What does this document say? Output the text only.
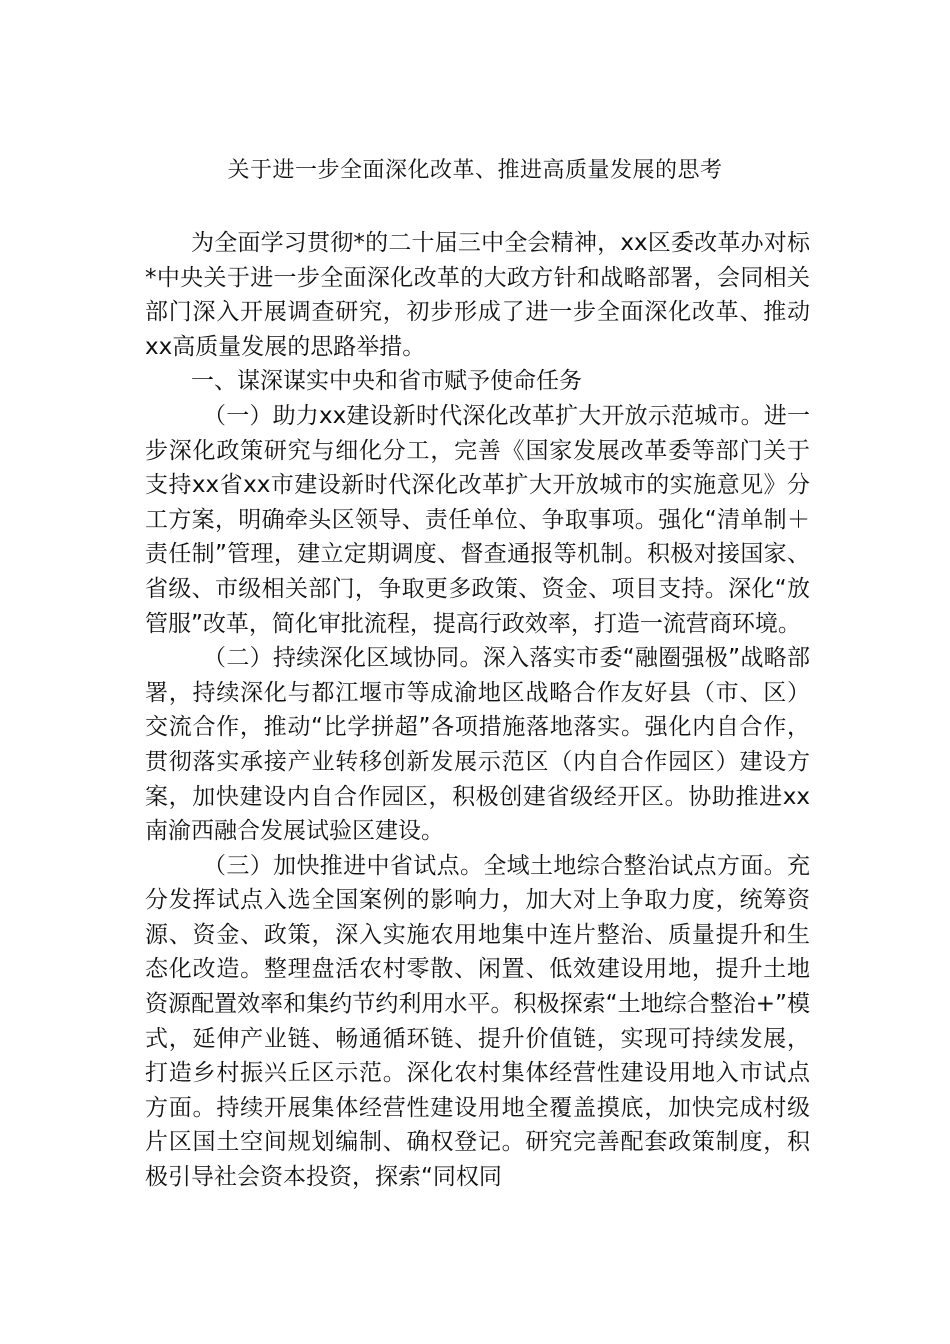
关于进一步全面深化改革、推进高质量发展的思考

为全面学习贯彻*的二十届三中全会精神，xx区委改革办对标*中央关于进一步全面深化改革的大政方针和战略部署，会同相关部门深入开展调查研究，初步形成了进一步全面深化改革、推动xx高质量发展的思路举措。

一、谋深谋实中央和省市赋予使命任务

（一）助力xx建设新时代深化改革扩大开放示范城市。进一步深化政策研究与细化分工，完善《国家发展改革委等部门关于支持xx省xx市建设新时代深化改革扩大开放城市的实施意见》分工方案，明确牵头区领导、责任单位、争取事项。强化“清单制＋责任制”管理，建立定期调度、督查通报等机制。积极对接国家、省级、市级相关部门，争取更多政策、资金、项目支持。深化“放管服”改革，简化审批流程，提高行政效率，打造一流营商环境。

（二）持续深化区域协同。深入落实市委“融圈强极”战略部署，持续深化与都江堰市等成渝地区战略合作友好县（市、区）交流合作，推动“比学拼超”各项措施落地落实。强化内自合作，贯彻落实承接产业转移创新发展示范区（内自合作园区）建设方案，加快建设内自合作园区，积极创建省级经开区。协助推进xx南渝西融合发展试验区建设。

（三）加快推进中省试点。全域土地综合整治试点方面。充分发挥试点入选全国案例的影响力，加大对上争取力度，统筹资源、资金、政策，深入实施农用地集中连片整治、质量提升和生态化改造。整理盘活农村零散、闲置、低效建设用地，提升土地资源配置效率和集约节约利用水平。积极探索“土地综合整治+”模式，延伸产业链、畅通循环链、提升价值链，实现可持续发展，打造乡村振兴丘区示范。深化农村集体经营性建设用地入市试点方面。持续开展集体经营性建设用地全覆盖摸底，加快完成村级片区国土空间规划编制、确权登记。研究完善配套政策制度，积极引导社会资本投资，探索“同权同
